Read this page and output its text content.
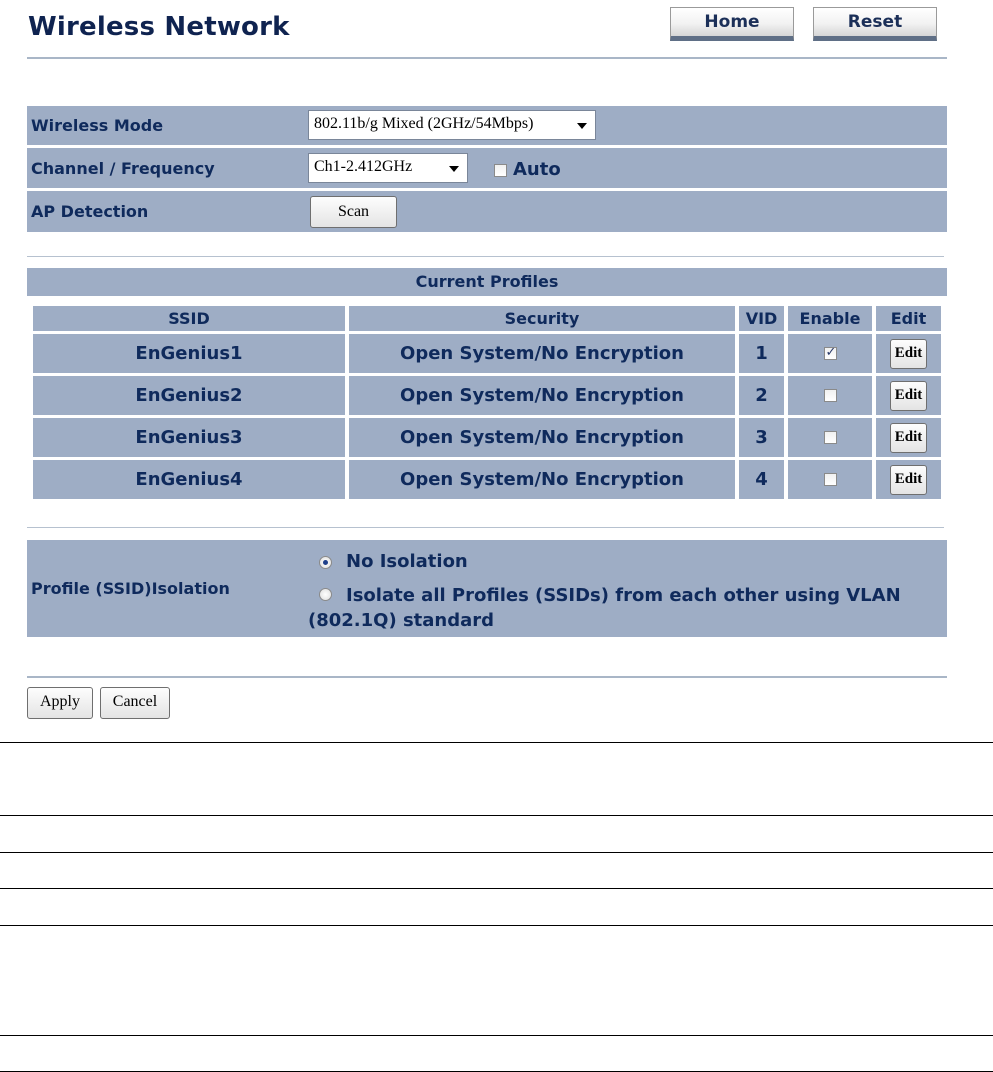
Wireless Network	Home	Reset
Wireless Mode	802.11b/g Mixed (2GHz/54Mbps)
Channel / Frequency	Ch1-2.412GHz	Auto
AP Detection	Scan
Current Profiles
SSID	Security	VID	Enable	Edit
EnGenius1	Open System/No Encryption	1
✓	Edit
EnGenius2	Open System/No Encryption	2	Edit
EnGenius3	Open System/No Encryption	3	Edit
EnGenius4	Open System/No Encryption	4	Edit
Profile (SSID)Isolation
No Isolation
Isolate all Profiles (SSIDs) from each other using VLAN
(802.1Q) standard
Apply	Cancel
